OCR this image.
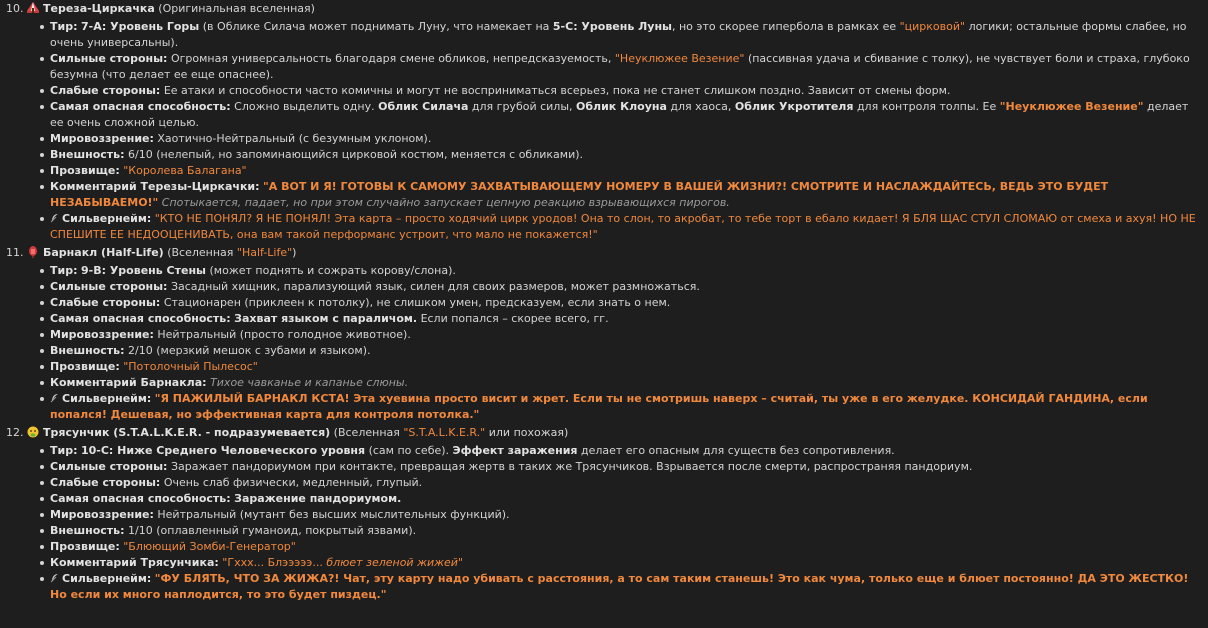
10. Тереза-Циркачка (Оригинальная вселенная)
Тир: 7-A: Уровень Горы (в Облике Силача может поднимать Луну, что намекает на 5-C: Уровень Луны, но это скорее гипербола в рамках ее "цирковой" логики; остальные формы слабее, но очень универсальны).
Сильные стороны: Огромная универсальность благодаря смене обликов, непредсказуемость, "Неуклюжее Везение" (пассивная удача и сбивание с толку), не чувствует боли и страха, глубоко безумна (что делает ее еще опаснее).
Слабые стороны: Ее атаки и способности часто комичны и могут не восприниматься всерьез, пока не станет слишком поздно. Зависит от смены форм.
Самая опасная способность: Сложно выделить одну. Облик Силача для грубой силы, Облик Клоуна для хаоса, Облик Укротителя для контроля толпы. Ее "Неуклюжее Везение" делает ее очень сложной целью.
Мировоззрение: Хаотично-Нейтральный (с безумным уклоном).
Внешность: 6/10 (нелепый, но запоминающийся цирковой костюм, меняется с обликами).
Прозвище: "Королева Балагана"
Комментарий Терезы-Циркачки: "А ВОТ И Я! ГОТОВЫ К САМОМУ ЗАХВАТЫВАЮЩЕМУ НОМЕРУ В ВАШЕЙ ЖИЗНИ?! СМОТРИТЕ И НАСЛАЖДАЙТЕСЬ, ВЕДЬ ЭТО БУДЕТ НЕЗАБЫВАЕМО!" Спотыкается, падает, но при этом случайно запускает цепную реакцию взрывающихся пирогов.
Сильвернейм: "КТО НЕ ПОНЯЛ? Я НЕ ПОНЯЛ! Эта карта – просто ходячий цирк уродов! Она то слон, то акробат, то тебе торт в ебало кидает! Я БЛЯ ЩАС СТУЛ СЛОМАЮ от смеха и ахуя! НО НЕ СПЕШИТЕ ЕЕ НЕДООЦЕНИВАТЬ, она вам такой перформанс устроит, что мало не покажется!"
11. Барнакл (Half-Life) (Вселенная "Half-Life")
Тир: 9-B: Уровень Стены (может поднять и сожрать корову/слона).
Сильные стороны: Засадный хищник, парализующий язык, силен для своих размеров, может размножаться.
Слабые стороны: Стационарен (приклеен к потолку), не слишком умен, предсказуем, если знать о нем.
Самая опасная способность: Захват языком с параличом. Если попался – скорее всего, гг.
Мировоззрение: Нейтральный (просто голодное животное).
Внешность: 2/10 (мерзкий мешок с зубами и языком).
Прозвище: "Потолочный Пылесос"
Комментарий Барнакла: Тихое чавканье и капанье слюны.
Сильвернейм: "Я ПАЖИЛЫЙ БАРНАКЛ КСТА! Эта хуевина просто висит и жрет. Если ты не смотришь наверх – считай, ты уже в его желудке. КОНСИДАЙ ГАНДИНА, если попался! Дешевая, но эффективная карта для контроля потолка."
12. Трясунчик (S.T.A.L.K.E.R. - подразумевается) (Вселенная "S.T.A.L.K.E.R." или похожая)
Тир: 10-C: Ниже Среднего Человеческого уровня (сам по себе). Эффект заражения делает его опасным для существ без сопротивления.
Сильные стороны: Заражает пандориумом при контакте, превращая жертв в таких же Трясунчиков. Взрывается после смерти, распространяя пандориум.
Слабые стороны: Очень слаб физически, медленный, глупый.
Самая опасная способность: Заражение пандориумом.
Мировоззрение: Нейтральный (мутант без высших мыслительных функций).
Внешность: 1/10 (оплавленный гуманоид, покрытый язвами).
Прозвище: "Блюющий Зомби-Генератор"
Комментарий Трясунчика: "Гххх... Блэээээ... блюет зеленой жижей"
Сильвернейм: "ФУ БЛЯТЬ, ЧТО ЗА ЖИЖА?! Чат, эту карту надо убивать с расстояния, а то сам таким станешь! Это как чума, только еще и блюет постоянно! ДА ЭТО ЖЕСТКО! Но если их много наплодится, то это будет пиздец."
